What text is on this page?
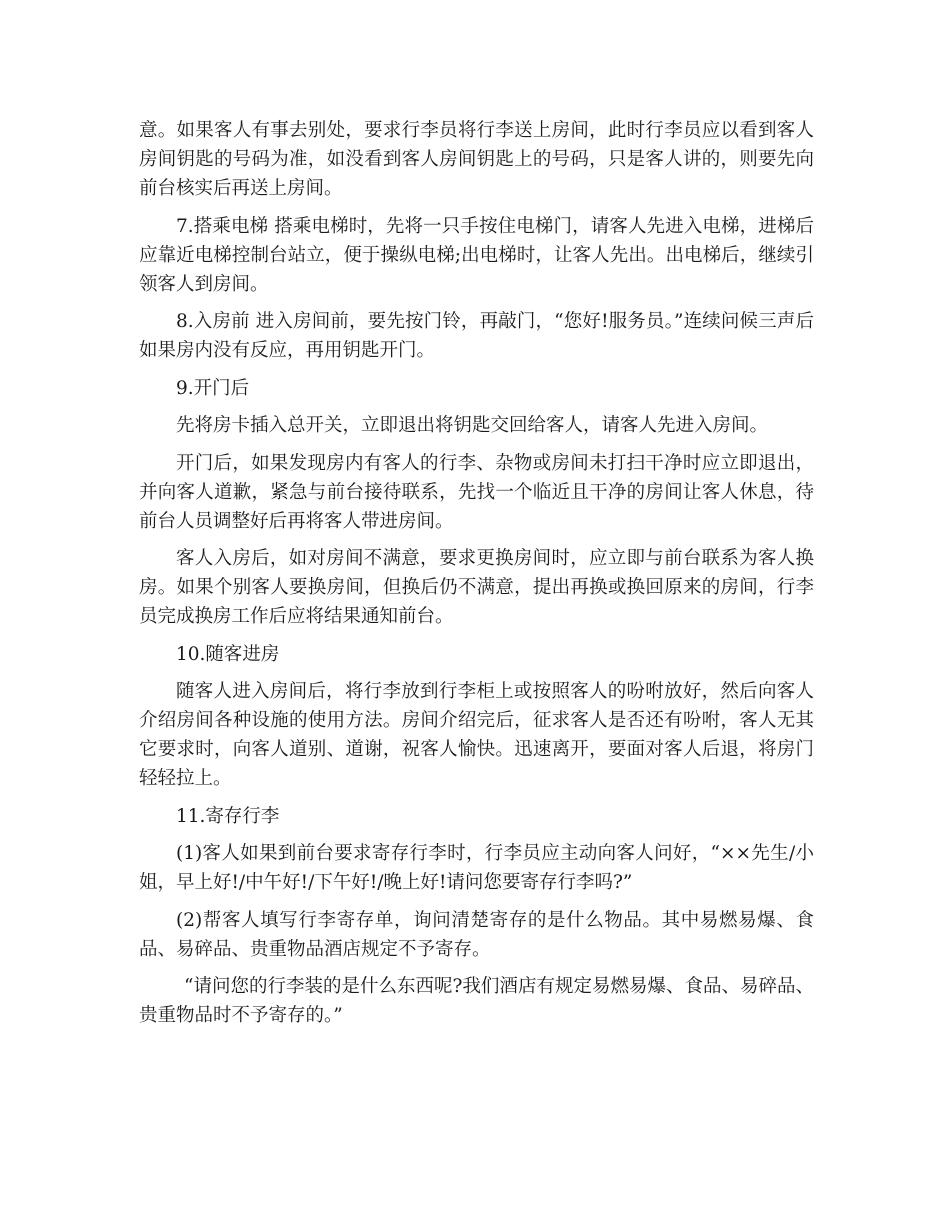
意。如果客人有事去别处，要求行李员将行李送上房间，此时行李员应以看到客人房间钥匙的号码为准，如没看到客人房间钥匙上的号码，只是客人讲的，则要先向前台核实后再送上房间。

7.搭乘电梯 搭乘电梯时，先将一只手按住电梯门，请客人先进入电梯，进梯后应靠近电梯控制台站立，便于操纵电梯;出电梯时，让客人先出。出电梯后，继续引领客人到房间。

8.入房前 进入房间前，要先按门铃，再敲门，“您好!服务员。”连续问候三声后如果房内没有反应，再用钥匙开门。

9.开门后

先将房卡插入总开关，立即退出将钥匙交回给客人，请客人先进入房间。

开门后，如果发现房内有客人的行李、杂物或房间未打扫干净时应立即退出，并向客人道歉，紧急与前台接待联系，先找一个临近且干净的房间让客人休息，待前台人员调整好后再将客人带进房间。

客人入房后，如对房间不满意，要求更换房间时，应立即与前台联系为客人换房。如果个别客人要换房间，但换后仍不满意，提出再换或换回原来的房间，行李员完成换房工作后应将结果通知前台。

10.随客进房

随客人进入房间后，将行李放到行李柜上或按照客人的吩咐放好，然后向客人介绍房间各种设施的使用方法。房间介绍完后，征求客人是否还有吩咐，客人无其它要求时，向客人道别、道谢，祝客人愉快。迅速离开，要面对客人后退，将房门轻轻拉上。

11.寄存行李

(1)客人如果到前台要求寄存行李时，行李员应主动向客人问好，“××先生/小姐，早上好!/中午好!/下午好!/晚上好!请问您要寄存行李吗?”

(2)帮客人填写行李寄存单，询问清楚寄存的是什么物品。其中易燃易爆、食品、易碎品、贵重物品酒店规定不予寄存。

“请问您的行李装的是什么东西呢?我们酒店有规定易燃易爆、食品、易碎品、贵重物品时不予寄存的。”
